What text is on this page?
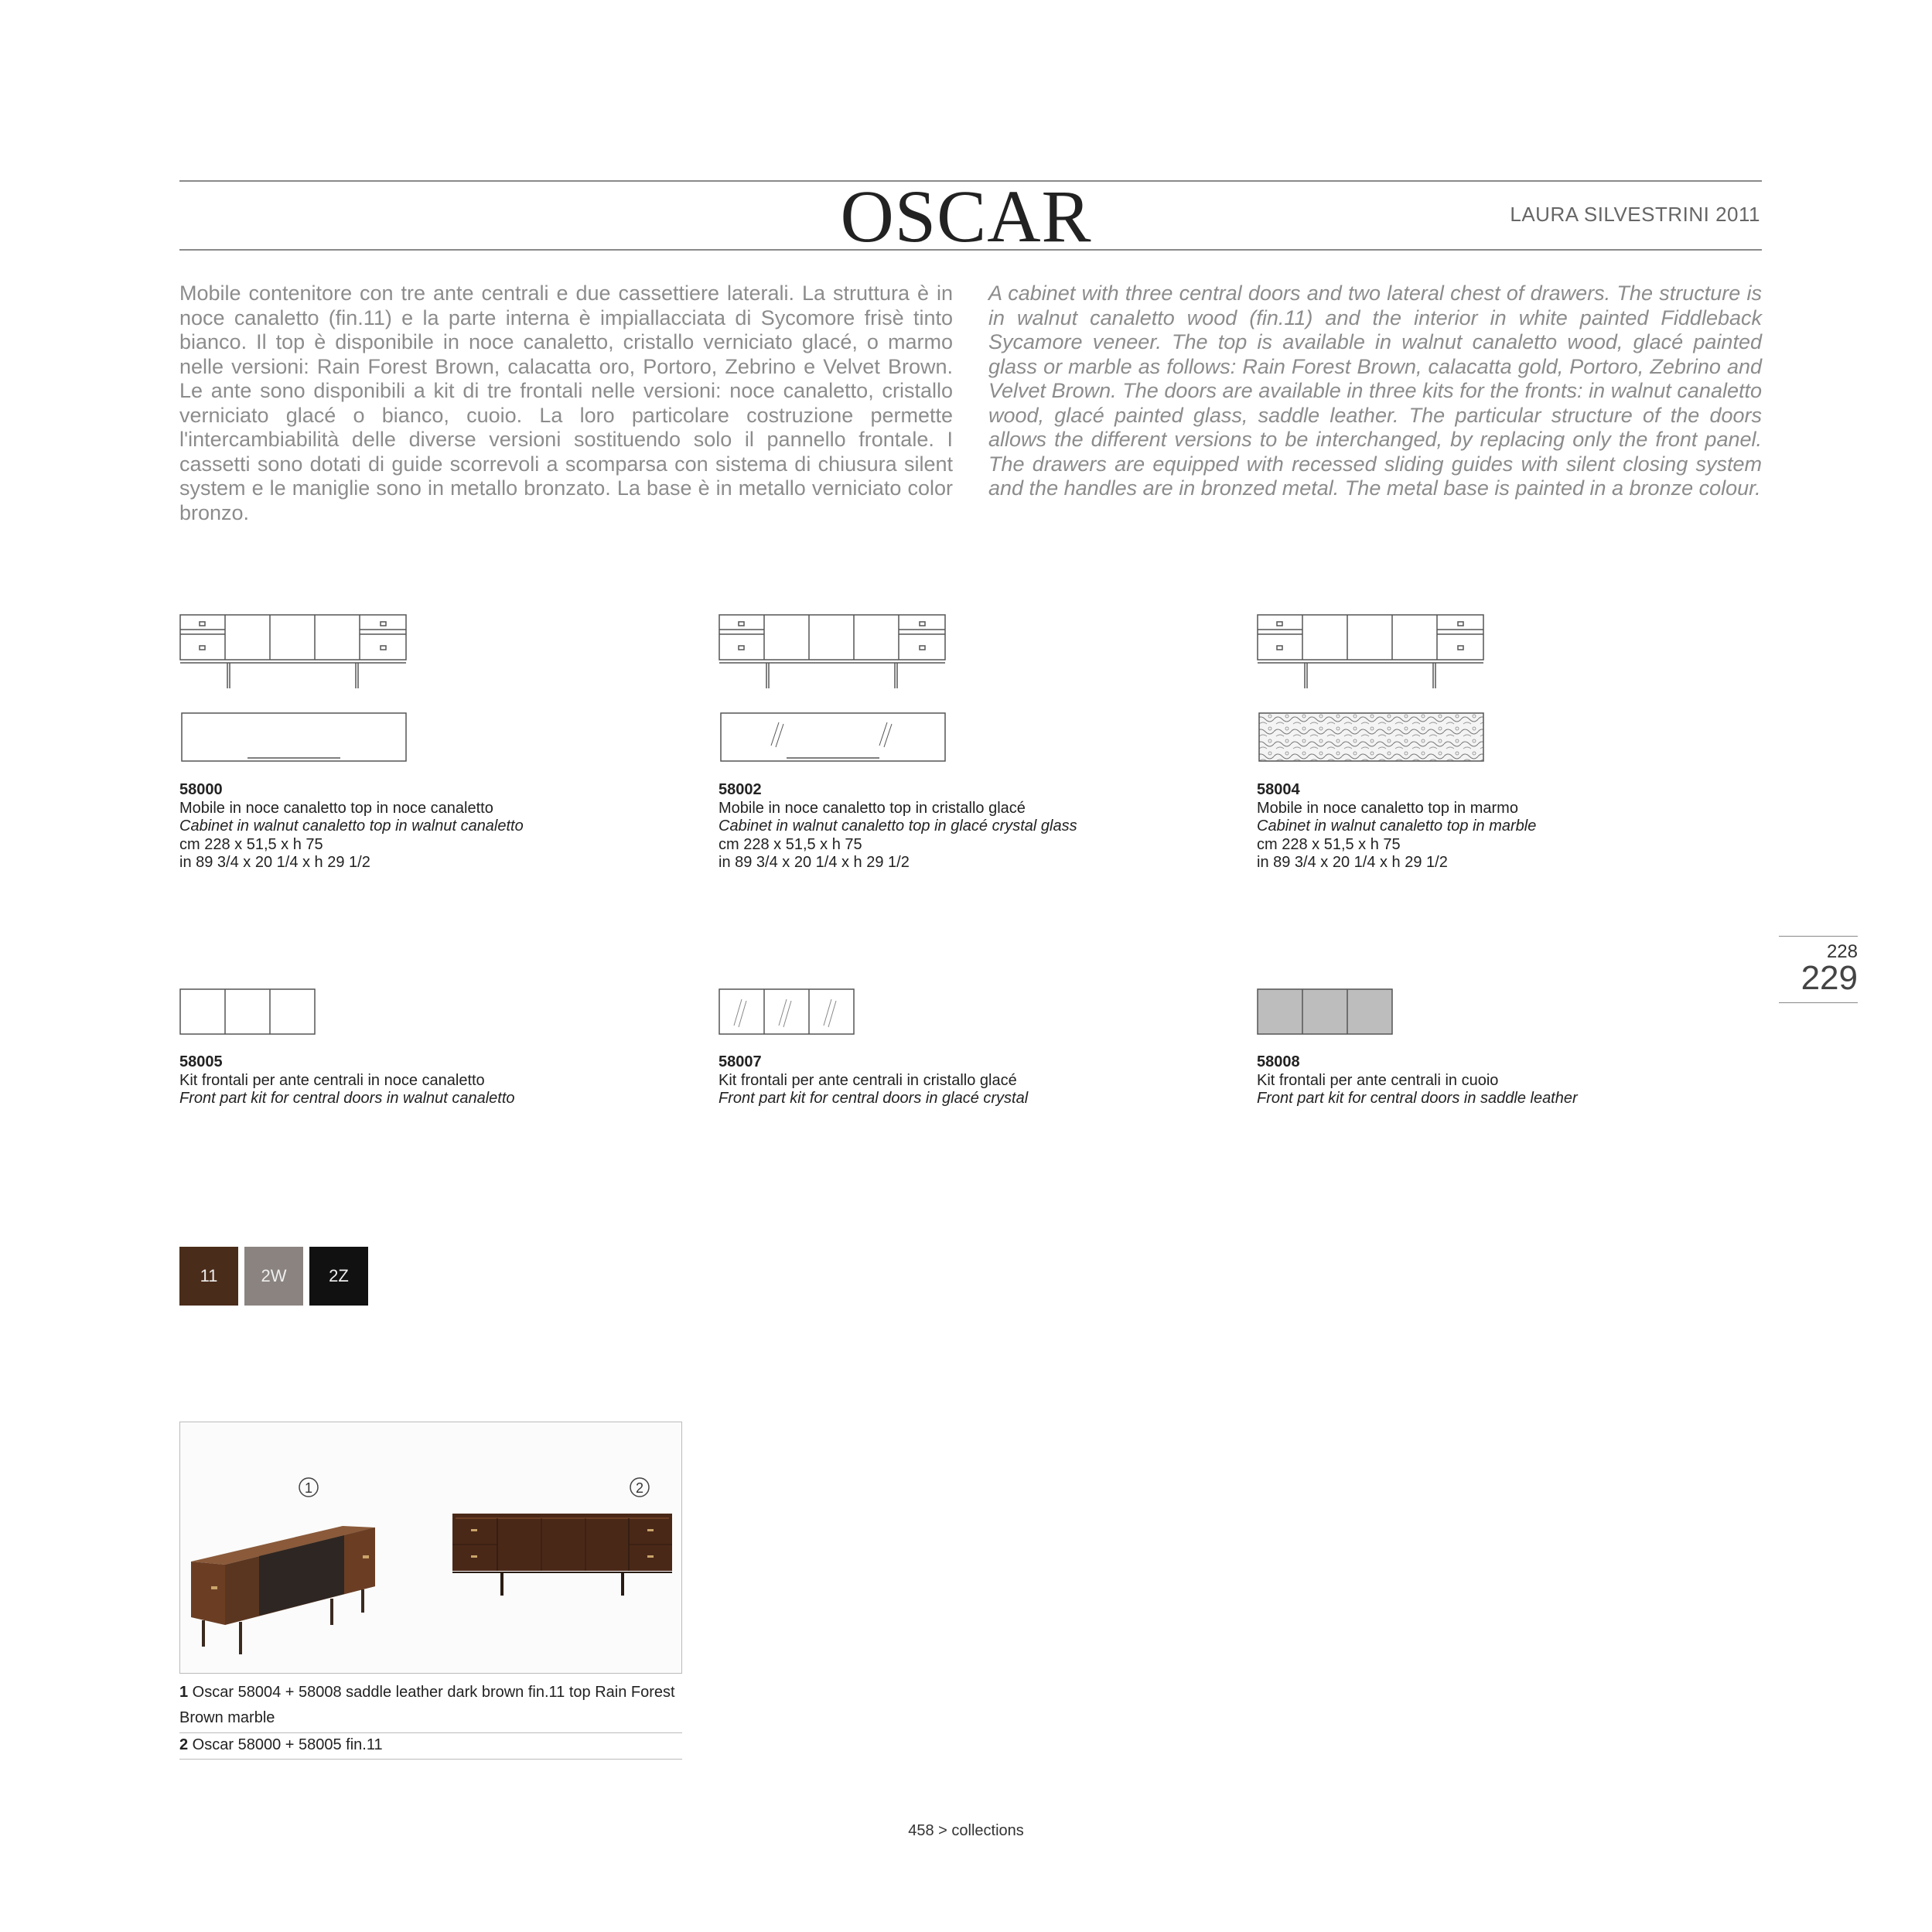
OSCAR	LAURA SILVESTRINI 2011
Mobile contenitore con tre ante centrali e due cassettiere laterali. La struttura è in noce canaletto (fin.11) e la parte interna è impiallacciata di Sycomore frisè tinto bianco. Il top è disponibile in noce canaletto, cristallo verniciato glacé, o marmo nelle versioni: Rain Forest Brown, calacatta oro, Portoro, Zebrino e Velvet Brown. Le ante sono disponibili a kit di tre frontali nelle versioni: noce canaletto, cristallo verniciato glacé o bianco, cuoio. La loro particolare costruzione permette l'intercambiabilità delle diverse versioni sostituendo solo il pannello frontale. I cassetti sono dotati di guide scorrevoli a scomparsa con sistema di chiusura silent system e le maniglie sono in metallo bronzato. La base è in metallo verniciato color bronzo.
A cabinet with three central doors and two lateral chest of drawers. The structure is in walnut canaletto wood (fin.11) and the interior in white painted Fiddleback Sycamore veneer. The top is available in walnut canaletto wood, glacé painted glass or marble as follows: Rain Forest Brown, calacatta gold, Portoro, Zebrino and Velvet Brown. The doors are available in three kits for the fronts: in walnut canaletto wood, glacé painted glass, saddle leather. The particular structure of the doors allows the different versions to be interchanged, by replacing only the front panel. The drawers are equipped with recessed sliding guides with silent closing system and the handles are in bronzed metal. The metal base is painted in a bronze colour.
58000
Mobile in noce canaletto top in noce canaletto
Cabinet in walnut canaletto top in walnut canaletto
cm 228 x 51,5 x h 75
in 89 3/4 x 20 1/4 x h 29 1/2
58002
Mobile in noce canaletto top in cristallo glacé
Cabinet in walnut canaletto top in glacé crystal glass
cm 228 x 51,5 x h 75
in 89 3/4 x 20 1/4 x h 29 1/2
58004
Mobile in noce canaletto top in marmo
Cabinet in walnut canaletto top in marble
cm 228 x 51,5 x h 75
in 89 3/4 x 20 1/4 x h 29 1/2
58005
Kit frontali per ante centrali in noce canaletto
Front part kit for central doors in walnut canaletto
58007
Kit frontali per ante centrali in cristallo glacé
Front part kit for central doors in glacé crystal
58008
Kit frontali per ante centrali in cuoio
Front part kit for central doors in saddle leather
11	2W 2Z
1	2
1 Oscar 58004 + 58008 saddle leather dark brown fin.11 top Rain Forest Brown marble
2 Oscar 58000 + 58005 fin.11
228
229
458 > collections
